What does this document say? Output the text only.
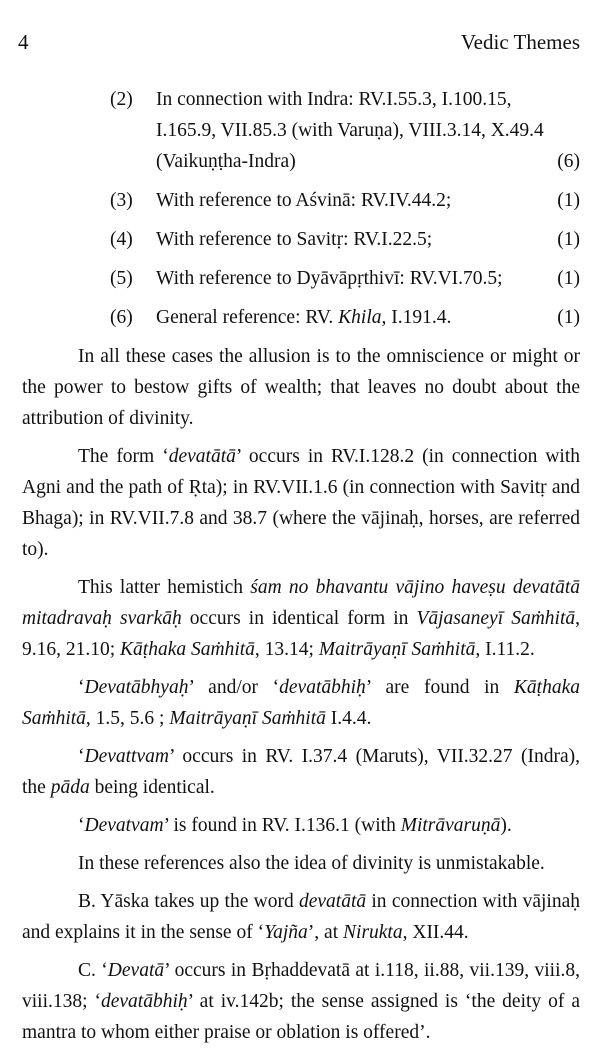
4	Vedic Themes
(2)	In connection with Indra: RV.I.55.3, I.100.15,
I.165.9, VII.85.3 (with Varuṇa), VIII.3.14, X.49.4

(Vaikuṇṭha-Indra)	(6)
(3)	With reference to Aśvinā: RV.IV.44.2;	(1)
(4)	With reference to Savitṛ: RV.I.22.5;	(1)
(5)	With reference to Dyāvāpṛthivī: RV.VI.70.5;	(1)
(6)	General reference: RV. Khila, I.191.4.	(1)

In all these cases the allusion is to the omniscience or might or the power to bestow gifts of wealth; that leaves no doubt about the attribution of divinity.

The form ‘devatātā’ occurs in RV.I.128.2 (in connection with Agni and the path of Ṛta); in RV.VII.1.6 (in connection with Savitṛ and Bhaga); in RV.VII.7.8 and 38.7 (where the vājinaḥ, horses, are referred to).

This latter hemistich śam no bhavantu vājino haveṣu devatātā mitadravaḥ svarkāḥ occurs in identical form in Vājasaneyī Saṁhitā, 9.16, 21.10; Kāṭhaka Saṁhitā, 13.14; Maitrāyaṇī Saṁhitā, I.11.2.

‘Devatābhyaḥ’ and/or ‘devatābhiḥ’ are found in Kāṭhaka Saṁhitā, 1.5, 5.6 ; Maitrāyaṇī Saṁhitā I.4.4.

‘Devattvam’ occurs in RV. I.37.4 (Maruts), VII.32.27 (Indra), the pāda being identical.

‘Devatvam’ is found in RV. I.136.1 (with Mitrāvaruṇā).

In these references also the idea of divinity is unmistakable.

B. Yāska takes up the word devatātā in connection with vājinaḥ and explains it in the sense of ‘Yajña’, at Nirukta, XII.44.

C. ‘Devatā’ occurs in Bṛhaddevatā at i.118, ii.88, vii.139, viii.8, viii.138; ‘devatābhiḥ’ at iv.142b; the sense assigned is ‘the deity of a mantra to whom either praise or oblation is offered’.
